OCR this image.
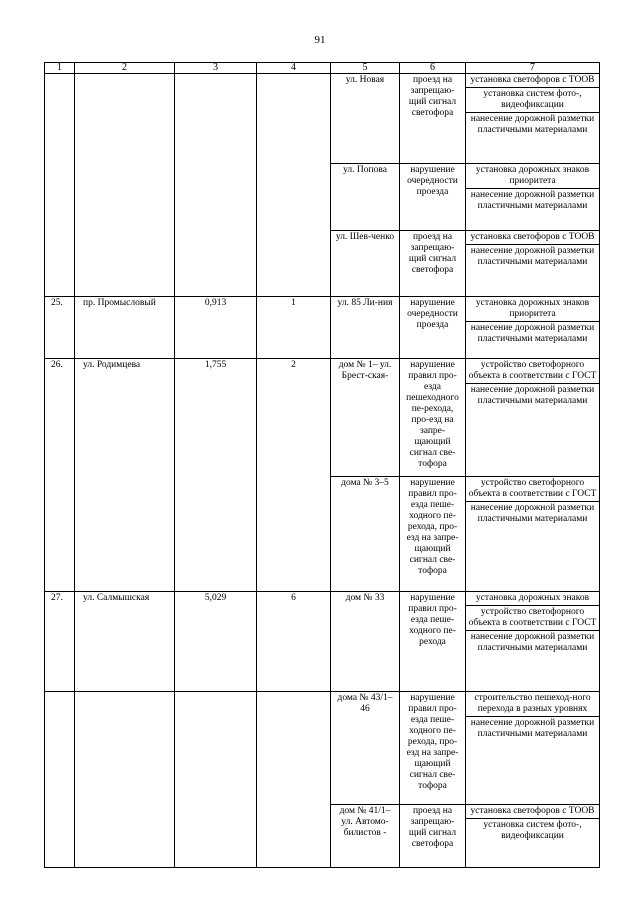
91
1	2	3	4	5	6	7
				ул. Новая	проезд на запрещаю-щий сигнал светофора	установка светофоров с ТООВ
установка систем фото-, видеофиксации
нанесение дорожной разметки пластичными материалами

				ул. Попова	нарушение очередности проезда	установка дорожных знаков приоритета
нанесение дорожной разметки пластичными материалами

				ул. Шев-ченко	проезд на запрещаю-щий сигнал светофора	установка светофоров с ТООВ
нанесение дорожной разметки пластичными материалами

25.	пр. Промысловый	0,913	1	ул. 85 Ли-ния	нарушение очередности проезда	установка дорожных знаков приоритета
нанесение дорожной разметки пластичными материалами

26.	ул. Родимцева	1,755	2	дом № 1– ул. Брест-ская-	нарушение правил про-езда пешеходного пе-рехода, про-езд на запре-щающий сигнал све-тофора	устройство светофорного объекта в соответствии с ГОСТ
нанесение дорожной разметки пластичными материалами

				дома № 3–5	нарушение правил про-езда пеше-ходного пе-рехода, про-езд на запре-щающий сигнал све-тофора	устройство светофорного объекта в соответствии с ГОСТ
нанесение дорожной разметки пластичными материалами

27.	ул. Салмышская	5,029	6	дом № 33	нарушение правил про-езда пеше-ходного пе-рехода	установка дорожных знаков
устройство светофорного объекта в соответствии с ГОСТ
нанесение дорожной разметки пластичными материалами

				дома № 43/1–46	нарушение правил про-езда пеше-ходного пе-рехода, про-езд на запре-щающий сигнал све-тофора	строительство пешеход-ного перехода в разных уровнях
нанесение дорожной разметки пластичными материалами

				дом № 41/1– ул. Автомо-билистов -	проезд на запрещаю-щий сигнал светофора	установка светофоров с ТООВ
установка систем фото-, видеофиксации
